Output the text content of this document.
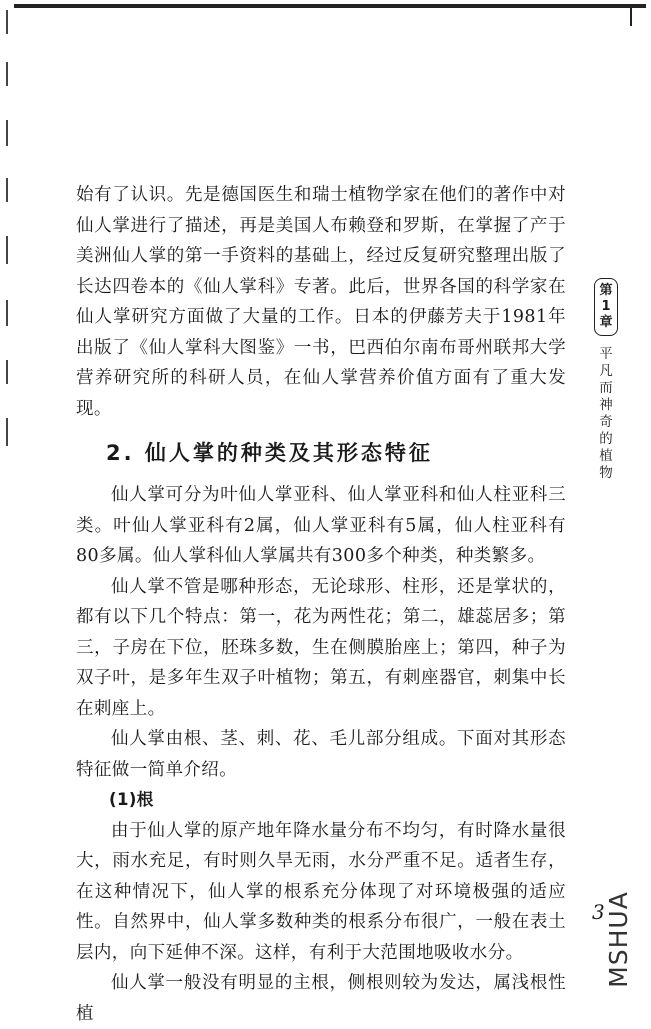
始有了认识。先是德国医生和瑞士植物学家在他们的著作中对仙人掌进行了描述，再是美国人布赖登和罗斯，在掌握了产于美洲仙人掌的第一手资料的基础上，经过反复研究整理出版了长达四卷本的《仙人掌科》专著。此后，世界各国的科学家在仙人掌研究方面做了大量的工作。日本的伊藤芳夫于1981年出版了《仙人掌科大图鉴》一书，巴西伯尔南布哥州联邦大学营养研究所的科研人员，在仙人掌营养价值方面有了重大发现。

2. 仙人掌的种类及其形态特征

仙人掌可分为叶仙人掌亚科、仙人掌亚科和仙人柱亚科三类。叶仙人掌亚科有2属，仙人掌亚科有5属，仙人柱亚科有80多属。仙人掌科仙人掌属共有300多个种类，种类繁多。

仙人掌不管是哪种形态，无论球形、柱形，还是掌状的，都有以下几个特点：第一，花为两性花；第二，雄蕊居多；第三，子房在下位，胚珠多数，生在侧膜胎座上；第四，种子为双子叶，是多年生双子叶植物；第五，有刺座器官，刺集中长在刺座上。

仙人掌由根、茎、刺、花、毛儿部分组成。下面对其形态特征做一简单介绍。

(1)根

由于仙人掌的原产地年降水量分布不均匀，有时降水量很大，雨水充足，有时则久旱无雨，水分严重不足。适者生存，在这种情况下，仙人掌的根系充分体现了对环境极强的适应性。自然界中，仙人掌多数种类的根系分布很广，一般在表土层内，向下延伸不深。这样，有利于大范围地吸收水分。

仙人掌一般没有明显的主根，侧根则较为发达，属浅根性植

第
1
章
平
凡
而
神
奇
的
植
物
3
MSHUA
